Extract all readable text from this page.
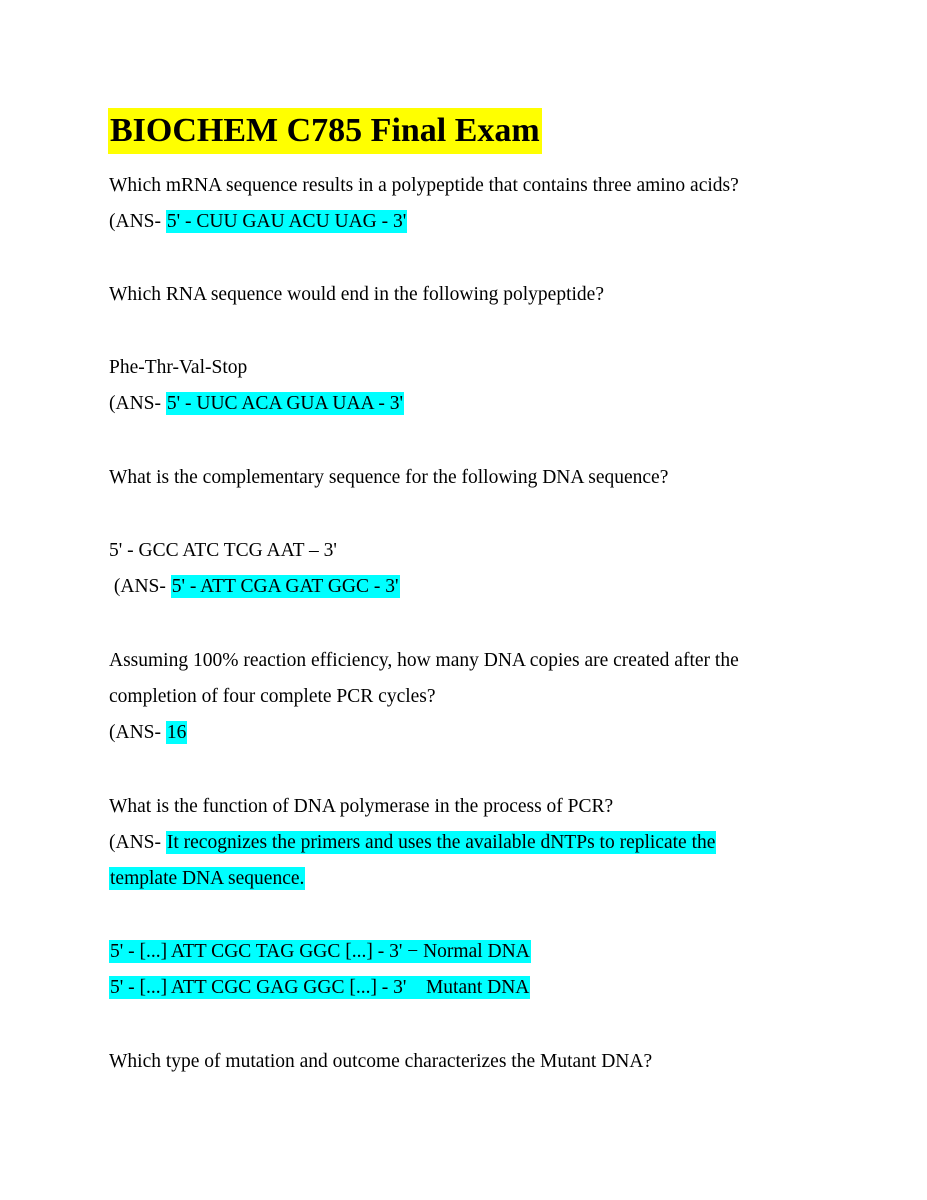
BIOCHEM C785 Final Exam
Which mRNA sequence results in a polypeptide that contains three amino acids?
(ANS- 5' - CUU GAU ACU UAG - 3'
Which RNA sequence would end in the following polypeptide?
Phe-Thr-Val-Stop
(ANS- 5' - UUC ACA GUA UAA - 3'
What is the complementary sequence for the following DNA sequence?
5' - GCC ATC TCG AAT – 3'
(ANS- 5' - ATT CGA GAT GGC - 3'
Assuming 100% reaction efficiency, how many DNA copies are created after the
completion of four complete PCR cycles?
(ANS- 16
What is the function of DNA polymerase in the process of PCR?
(ANS- It recognizes the primers and uses the available dNTPs to replicate the
template DNA sequence.
5' - [...] ATT CGC TAG GGC [...] - 3' − Normal DNA
5' - [...] ATT CGC GAG GGC [...] - 3'    Mutant DNA
Which type of mutation and outcome characterizes the Mutant DNA?
